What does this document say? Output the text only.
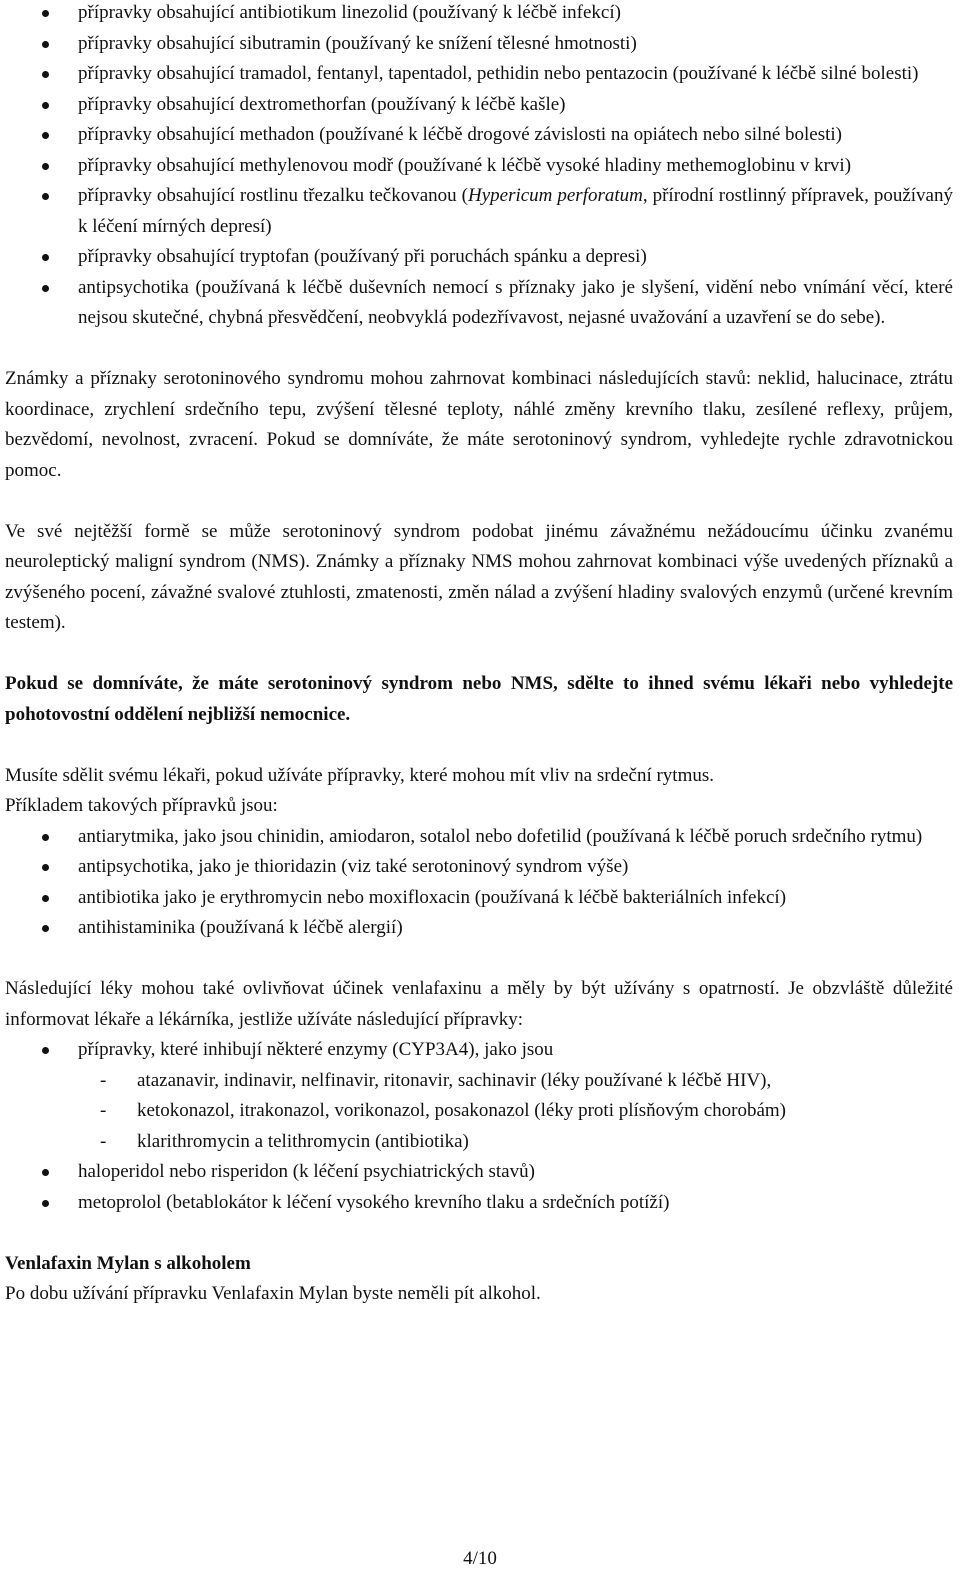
přípravky obsahující antibiotikum linezolid (používaný k léčbě infekcí)
přípravky obsahující sibutramin (používaný ke snížení tělesné hmotnosti)
přípravky obsahující tramadol, fentanyl, tapentadol, pethidin nebo pentazocin (používané k léčbě silné bolesti)
přípravky obsahující dextromethorfan (používaný k léčbě kašle)
přípravky obsahující methadon (používané k léčbě drogové závislosti na opiátech nebo silné bolesti)
přípravky obsahující methylenovou modř (používané k léčbě vysoké hladiny methemoglobinu v krvi)
přípravky obsahující rostlinu třezalku tečkovanou (Hypericum perforatum, přírodní rostlinný přípravek, používaný k léčení mírných depresí)
přípravky obsahující tryptofan (používaný při poruchách spánku a depresi)
antipsychotika (používaná k léčbě duševních nemocí s příznaky jako je slyšení, vidění nebo vnímání věcí, které nejsou skutečné, chybná přesvědčení, neobvyklá podezřívavost, nejasné uvažování a uzavření se do sebe).

Známky a příznaky serotoninového syndromu mohou zahrnovat kombinaci následujících stavů: neklid, halucinace, ztrátu koordinace, zrychlení srdečního tepu, zvýšení tělesné teploty, náhlé změny krevního tlaku, zesílené reflexy, průjem, bezvědomí, nevolnost, zvracení. Pokud se domníváte, že máte serotoninový syndrom, vyhledejte rychle zdravotnickou pomoc.

Ve své nejtěžší formě se může serotoninový syndrom podobat jinému závažnému nežádoucímu účinku zvanému neuroleptický maligní syndrom (NMS). Známky a příznaky NMS mohou zahrnovat kombinaci výše uvedených příznaků a zvýšeného pocení, závažné svalové ztuhlosti, zmatenosti, změn nálad a zvýšení hladiny svalových enzymů (určené krevním testem).

Pokud se domníváte, že máte serotoninový syndrom nebo NMS, sdělte to ihned svému lékaři nebo vyhledejte pohotovostní oddělení nejbližší nemocnice.

Musíte sdělit svému lékaři, pokud užíváte přípravky, které mohou mít vliv na srdeční rytmus.

Příkladem takových přípravků jsou:

antiarytmika, jako jsou chinidin, amiodaron, sotalol nebo dofetilid (používaná k léčbě poruch srdečního rytmu)
antipsychotika, jako je thioridazin (viz také serotoninový syndrom výše)
antibiotika jako je erythromycin nebo moxifloxacin (používaná k léčbě bakteriálních infekcí)
antihistaminika (používaná k léčbě alergií)

Následující léky mohou také ovlivňovat účinek venlafaxinu a měly by být užívány s opatrností. Je obzvláště důležité informovat lékaře a lékárníka, jestliže užíváte následující přípravky:

přípravky, které inhibují některé enzymy (CYP3A4), jako jsou
- atazanavir, indinavir, nelfinavir, ritonavir, sachinavir (léky používané k léčbě HIV),
- ketokonazol, itrakonazol, vorikonazol, posakonazol (léky proti plísňovým chorobám)
- klarithromycin a telithromycin (antibiotika)
haloperidol nebo risperidon (k léčení psychiatrických stavů)
metoprolol (betablokátor k léčení vysokého krevního tlaku a srdečních potíží)

Venlafaxin Mylan s alkoholem

Po dobu užívání přípravku Venlafaxin Mylan byste neměli pít alkohol.

4/10
